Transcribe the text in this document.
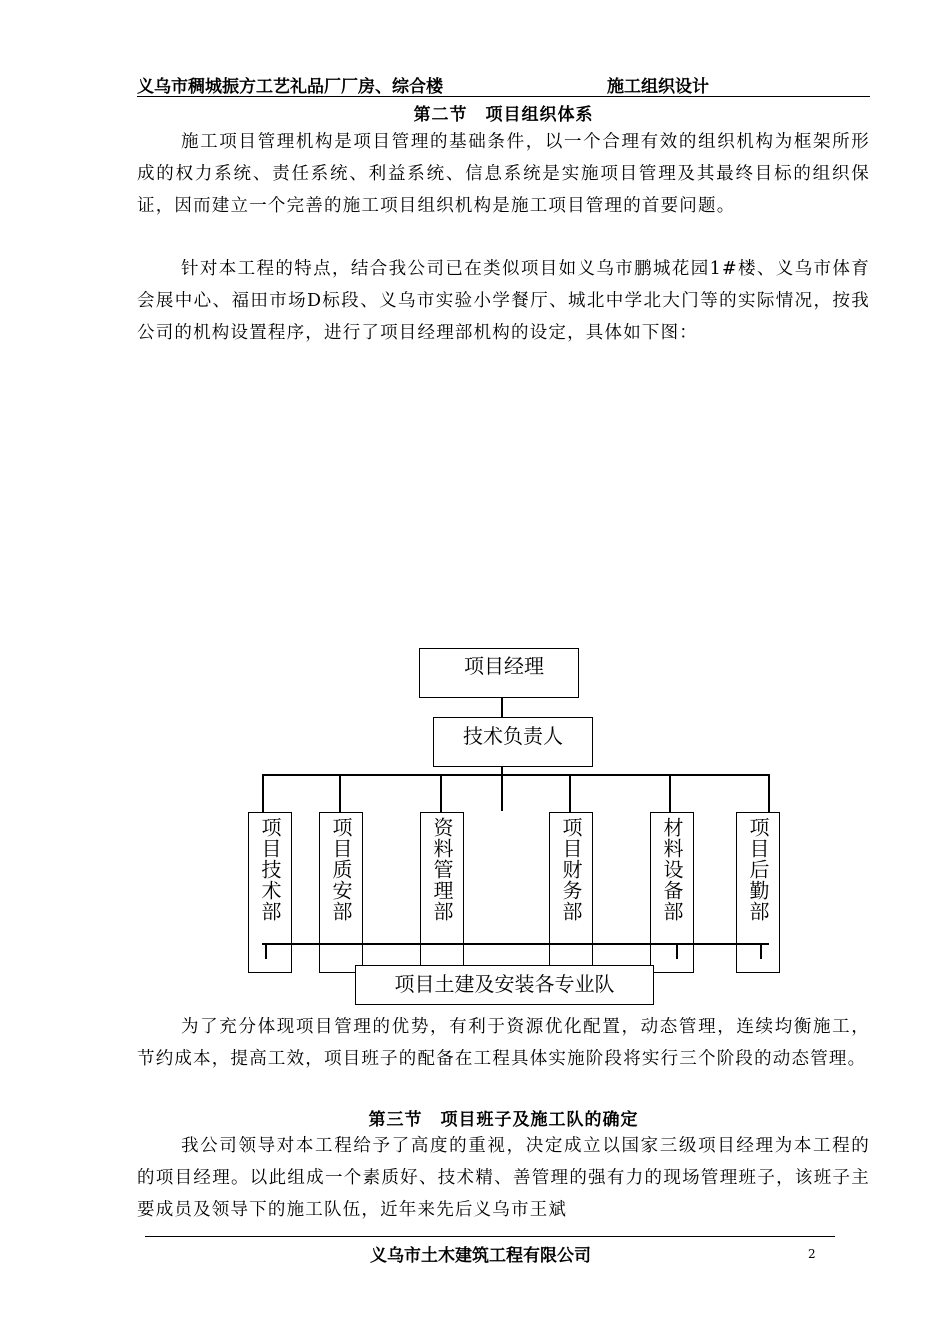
义乌市稠城振方工艺礼品厂厂房、综合楼	施工组织设计
第二节　项目组织体系

施工项目管理机构是项目管理的基础条件，以一个合理有效的组织机构为框架所形成的权力系统、责任系统、利益系统、信息系统是实施项目管理及其最终目标的组织保证，因而建立一个完善的施工项目组织机构是施工项目管理的首要问题。

针对本工程的特点，结合我公司已在类似项目如义乌市鹏城花园1#楼、义乌市体育会展中心、福田市场D标段、义乌市实验小学餐厅、城北中学北大门等的实际情况，按我公司的机构设置程序，进行了项目经理部机构的设定，具体如下图：

项目经理
技术负责人
项目技术部	项目质安部	资料管理部	项目财务部	材料设备部	项目后勤部
项目土建及安装各专业队

为了充分体现项目管理的优势，有利于资源优化配置，动态管理，连续均衡施工，节约成本，提高工效，项目班子的配备在工程具体实施阶段将实行三个阶段的动态管理。

第三节　项目班子及施工队的确定

我公司领导对本工程给予了高度的重视，决定成立以国家三级项目经理为本工程的的项目经理。以此组成一个素质好、技术精、善管理的强有力的现场管理班子，该班子主要成员及领导下的施工队伍，近年来先后义乌市王斌

义乌市土木建筑工程有限公司	2
